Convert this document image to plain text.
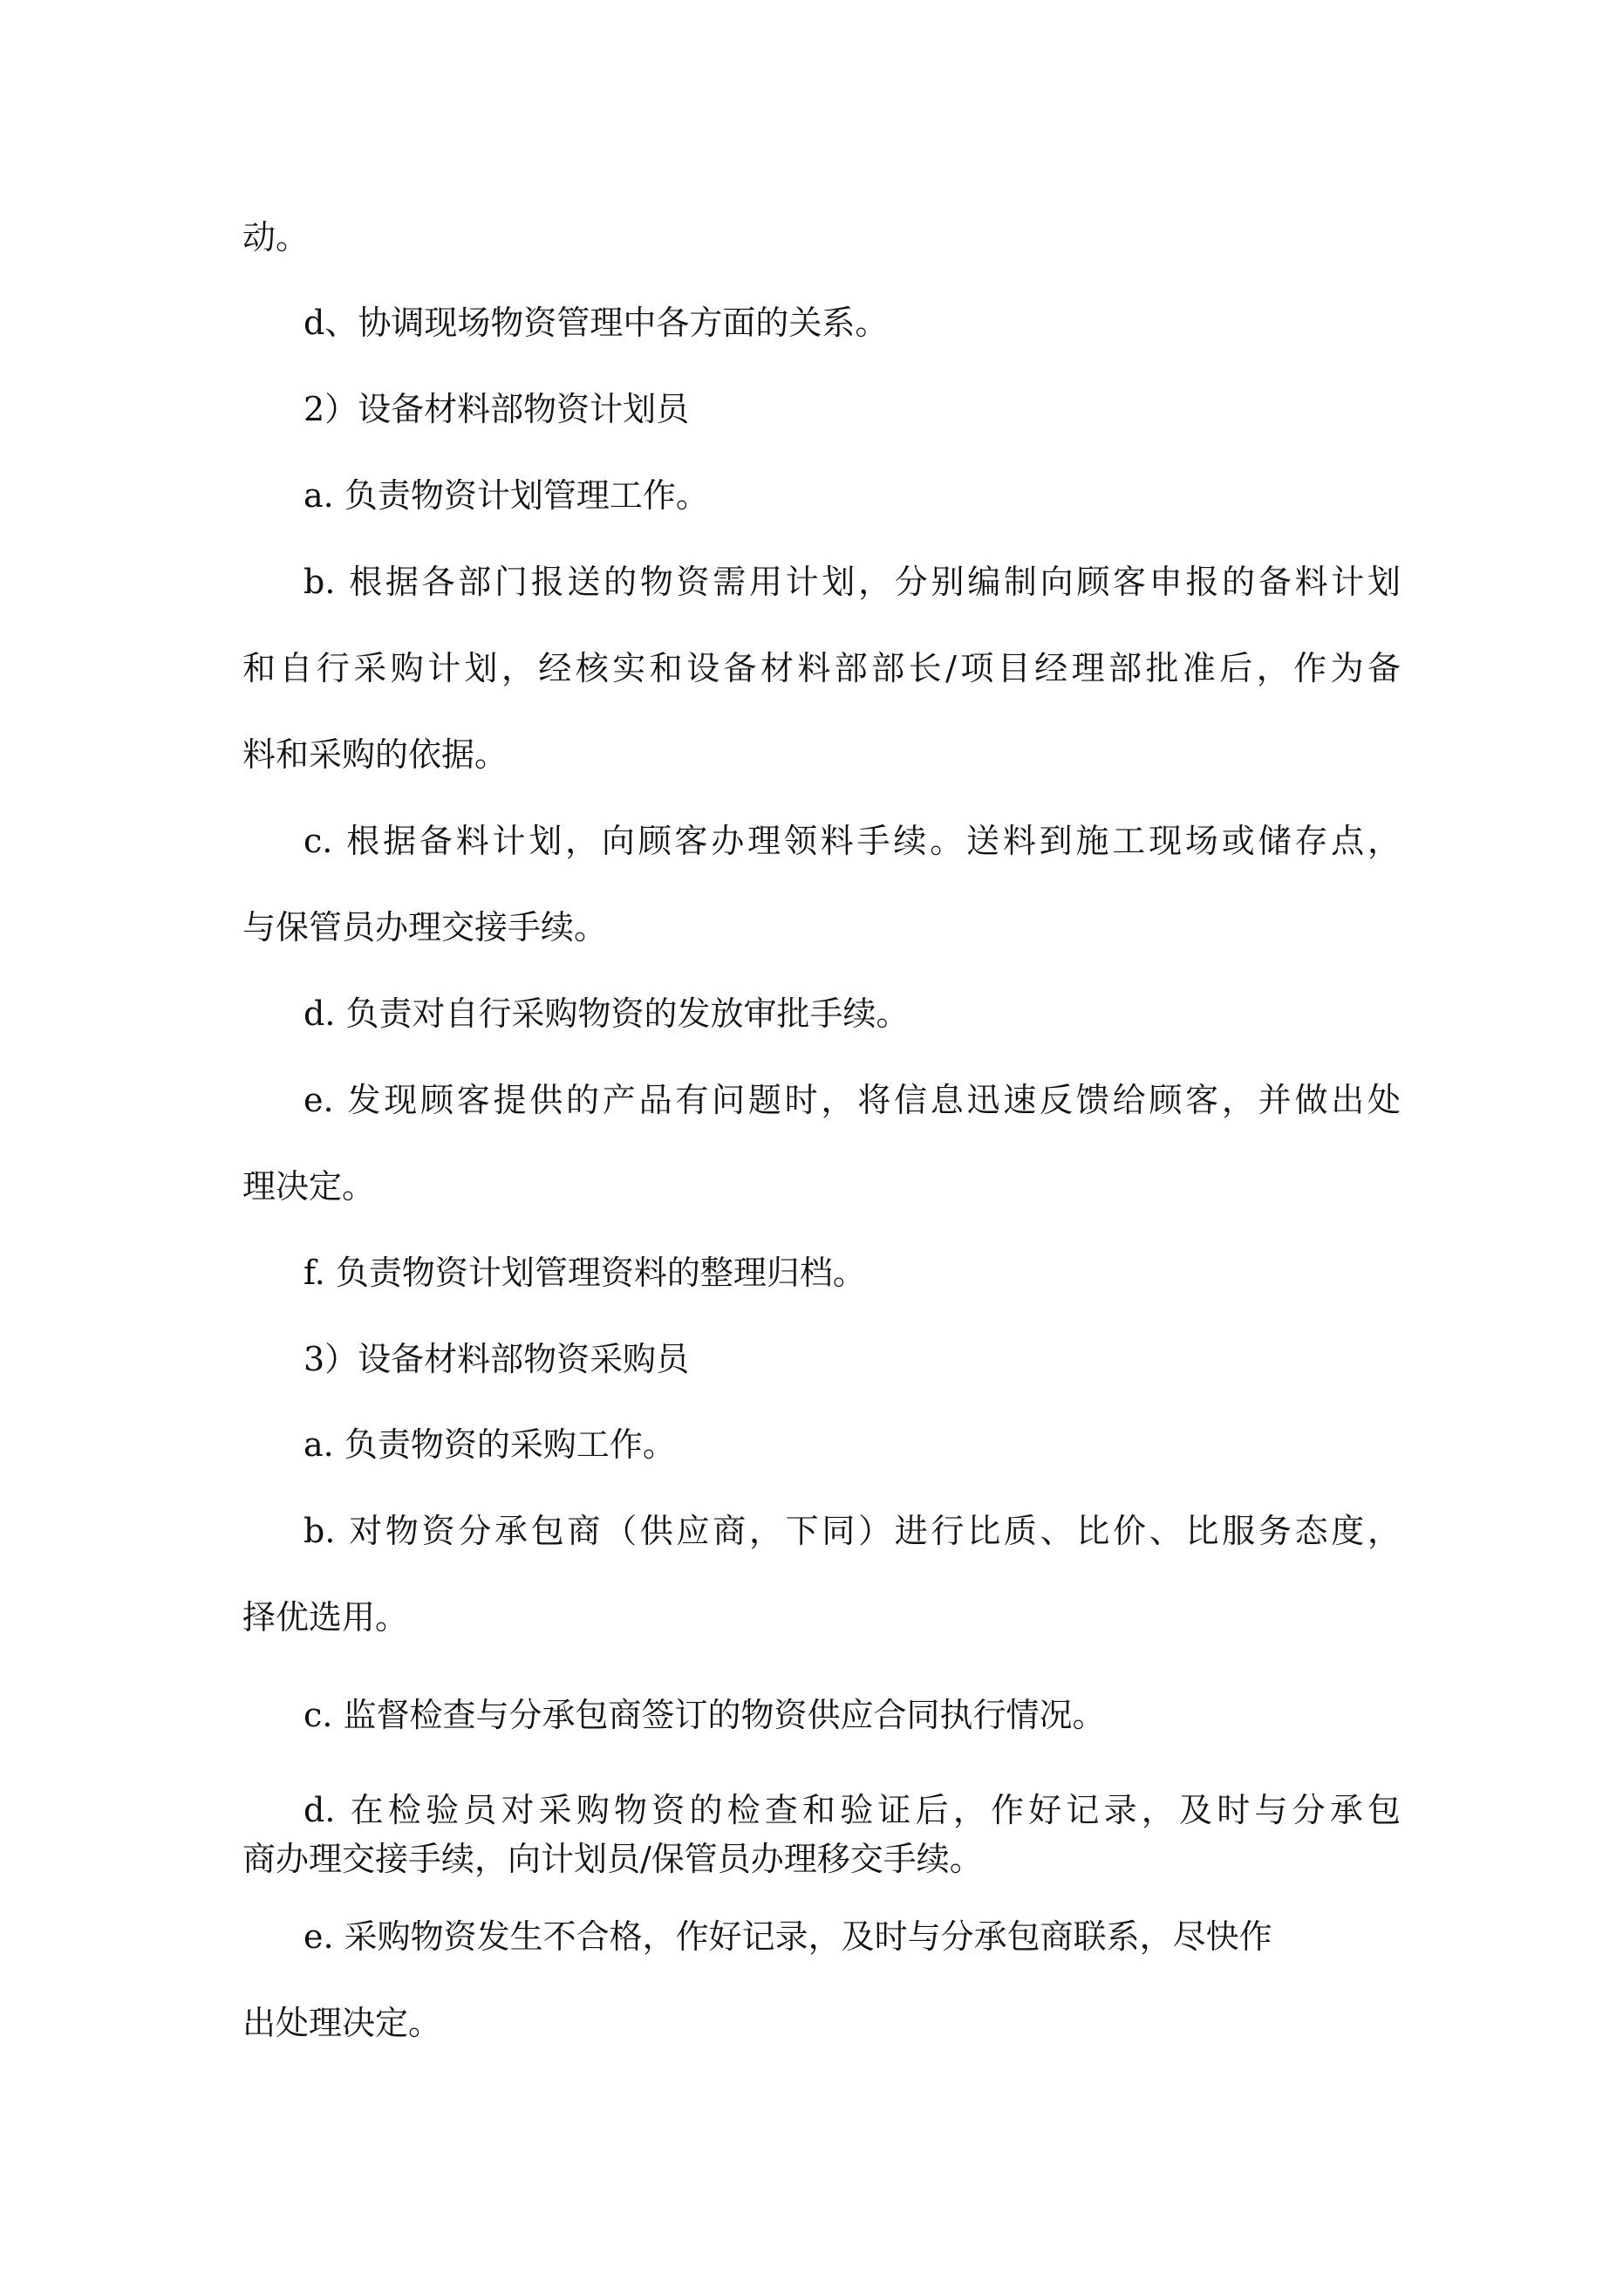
动。
d、协调现场物资管理中各方面的关系。
2）设备材料部物资计划员
a. 负责物资计划管理工作。
b. 根据各部门报送的物资需用计划，分别编制向顾客申报的备料计划
和自行采购计划，经核实和设备材料部部长/项目经理部批准后，作为备
料和采购的依据。
c. 根据备料计划，向顾客办理领料手续。送料到施工现场或储存点，
与保管员办理交接手续。
d. 负责对自行采购物资的发放审批手续。
e. 发现顾客提供的产品有问题时，将信息迅速反馈给顾客，并做出处
理决定。
f. 负责物资计划管理资料的整理归档。
3）设备材料部物资采购员
a. 负责物资的采购工作。
b. 对物资分承包商（供应商，下同）进行比质、比价、比服务态度，
择优选用。
c. 监督检查与分承包商签订的物资供应合同执行情况。
d. 在检验员对采购物资的检查和验证后，作好记录，及时与分承包
商办理交接手续，向计划员/保管员办理移交手续。
e. 采购物资发生不合格，作好记录，及时与分承包商联系，尽快作
出处理决定。
